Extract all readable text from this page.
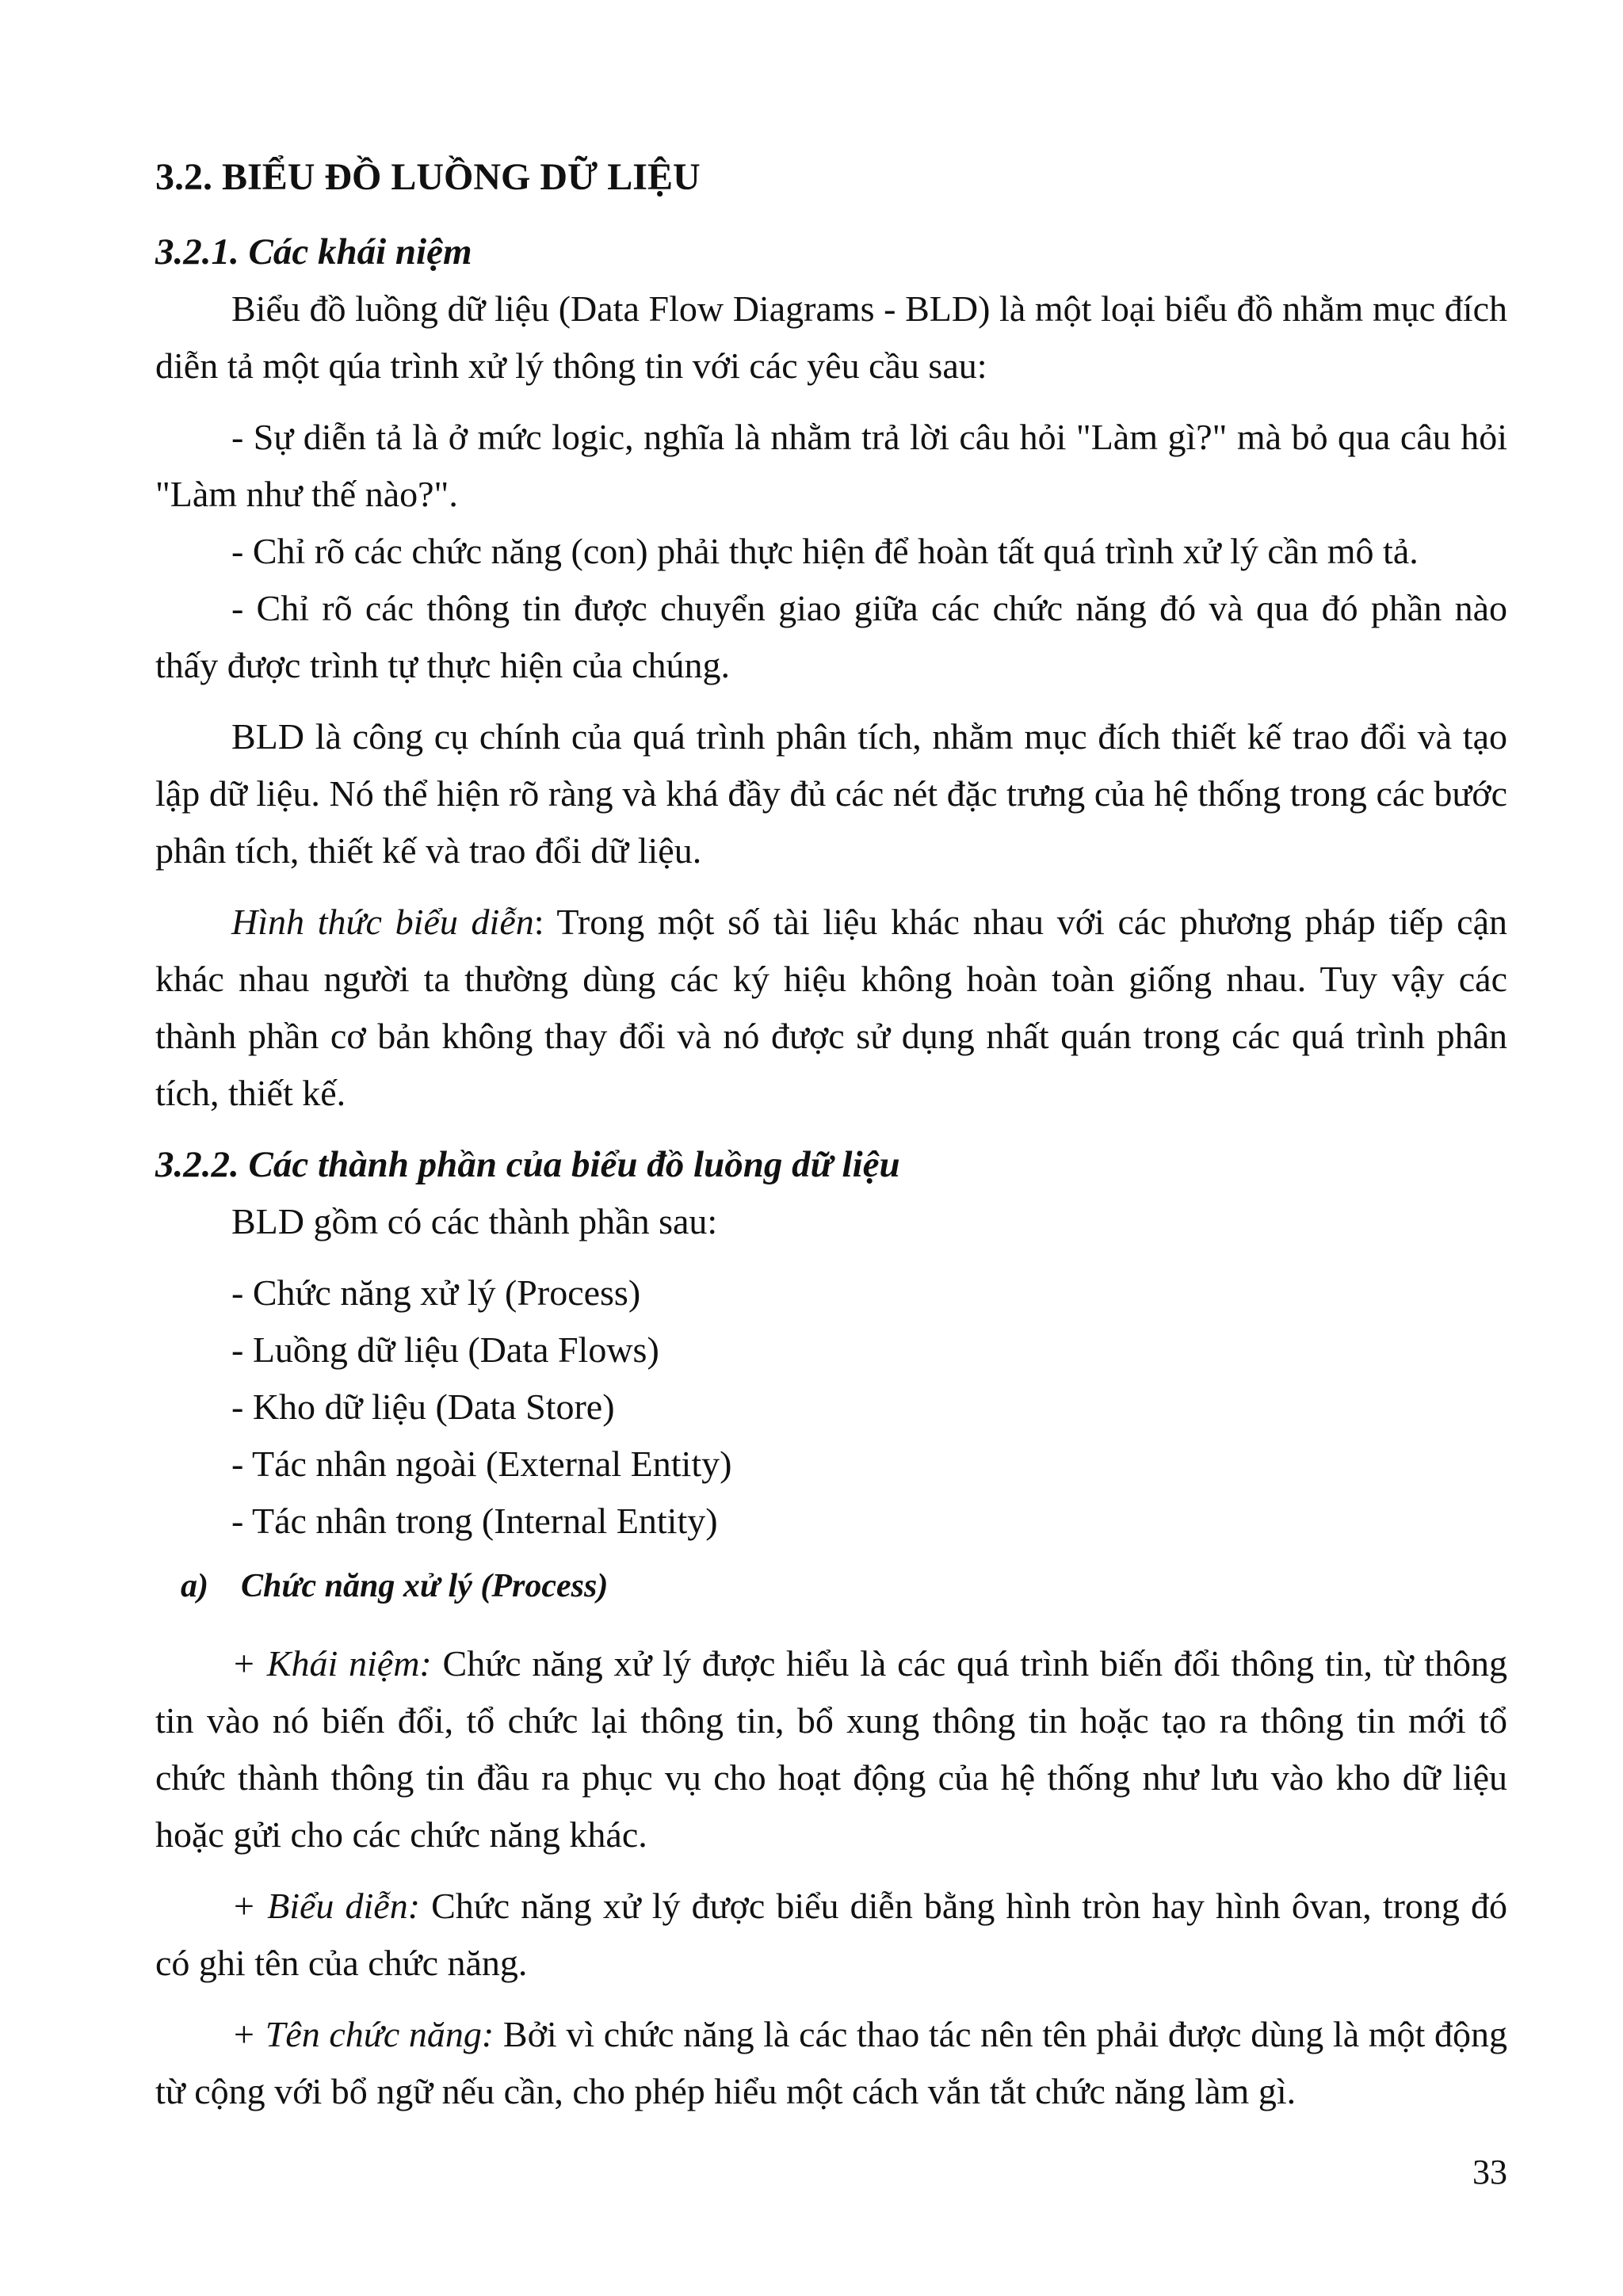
3.2. BIỂU ĐỒ LUỒNG DỮ LIỆU
3.2.1. Các khái niệm

Biểu đồ luồng dữ liệu (Data Flow Diagrams - BLD) là một loại biểu đồ nhằm mục đích diễn tả một qúa trình xử lý thông tin với các yêu cầu sau:

- Sự diễn tả là ở mức logic, nghĩa là nhằm trả lời câu hỏi "Làm gì?" mà bỏ qua câu hỏi "Làm như thế nào?".

- Chỉ rõ các chức năng (con) phải thực hiện để hoàn tất quá trình xử lý cần mô tả.

- Chỉ rõ các thông tin được chuyển giao giữa các chức năng đó và qua đó phần nào thấy được trình tự thực hiện của chúng.

BLD là công cụ chính của quá trình phân tích, nhằm mục đích thiết kế trao đổi và tạo lập dữ liệu. Nó thể hiện rõ ràng và khá đầy đủ các nét đặc trưng của hệ thống trong các bước phân tích, thiết kế và trao đổi dữ liệu.

Hình thức biểu diễn: Trong một số tài liệu khác nhau với các phương pháp tiếp cận khác nhau người ta thường dùng các ký hiệu không hoàn toàn giống nhau. Tuy vậy các thành phần cơ bản không thay đổi và nó được sử dụng nhất quán trong các quá trình phân tích, thiết kế.

3.2.2. Các thành phần của biểu đồ luồng dữ liệu

BLD gồm có các thành phần sau:

- Chức năng xử lý (Process)

- Luồng dữ liệu (Data Flows)

- Kho dữ liệu (Data Store)

- Tác nhân ngoài (External Entity)

- Tác nhân trong (Internal Entity)

a) Chức năng xử lý (Process)

+ Khái niệm: Chức năng xử lý được hiểu là các quá trình biến đổi thông tin, từ thông tin vào nó biến đổi, tổ chức lại thông tin, bổ xung thông tin hoặc tạo ra thông tin mới tổ chức thành thông tin đầu ra phục vụ cho hoạt động của hệ thống như lưu vào kho dữ liệu hoặc gửi cho các chức năng khác.

+ Biểu diễn: Chức năng xử lý được biểu diễn bằng hình tròn hay hình ôvan, trong đó có ghi tên của chức năng.

+ Tên chức năng: Bởi vì chức năng là các thao tác nên tên phải được dùng là một động từ cộng với bổ ngữ nếu cần, cho phép hiểu một cách vắn tắt chức năng làm gì.

33
